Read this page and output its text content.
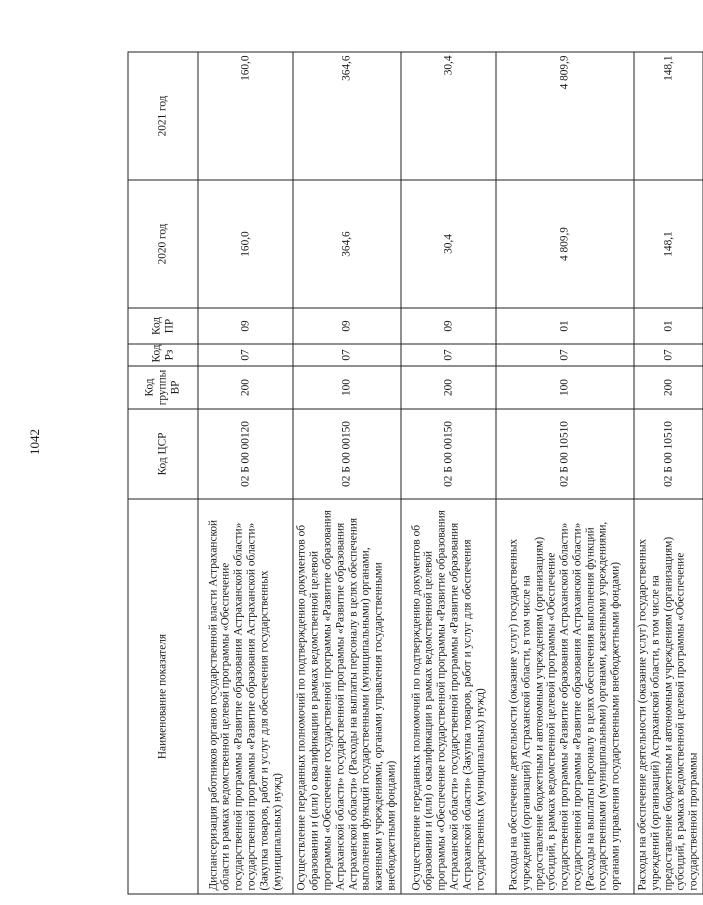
1042
Наименование показателя	Код ЦСР	Код группы ВР	Код Рз	Код ПР	2020 год	2021 год
Диспансеризация работников органов государственной власти Астраханской области в рамках ведомственной целевой программы «Обеспечение государственной программы «Развитие образования Астраханской области» государственной программы «Развитие образования Астраханской области» (Закупка товаров, работ и услуг для обеспечения государственных (муниципальных) нужд)	02 Б 00 00120	200	07	09	160,0	160,0
Осуществление переданных полномочий по подтверждению документов об образовании и (или) о квалификации в рамках ведомственной целевой программы «Обеспечение государственной программы «Развитие образования Астраханской области» государственной программы «Развитие образования Астраханской области» (Расходы на выплаты персоналу в целях обеспечения выполнения функций государственными (муниципальными) органами, казенными учреждениями, органами управления государственными внебюджетными фондами)	02 Б 00 00150	100	07	09	364,6	364,6
Осуществление переданных полномочий по подтверждению документов об образовании и (или) о квалификации в рамках ведомственной целевой программы «Обеспечение государственной программы «Развитие образования Астраханской области» государственной программы «Развитие образования Астраханской области» (Закупка товаров, работ и услуг для обеспечения государственных (муниципальных) нужд)	02 Б 00 00150	200	07	09	30,4	30,4
Расходы на обеспечение деятельности (оказание услуг) государственных учреждений (организаций) Астраханской области, в том числе на предоставление бюджетным и автономным учреждениям (организациям) субсидий, в рамках ведомственной целевой программы «Обеспечение государственной программы «Развитие образования Астраханской области» государственной программы «Развитие образования Астраханской области» (Расходы на выплаты персоналу в целях обеспечения выполнения функций государственными (муниципальными) органами, казенными учреждениями, органами управления государственными внебюджетными фондами)	02 Б 00 10510	100	07	01	4 809,9	4 809,9
Расходы на обеспечение деятельности (оказание услуг) государственных учреждений (организаций) Астраханской области, в том числе на предоставление бюджетным и автономным учреждениям (организациям) субсидий, в рамках ведомственной целевой программы «Обеспечение государственной программы	02 Б 00 10510	200	07	01	148,1	148,1
